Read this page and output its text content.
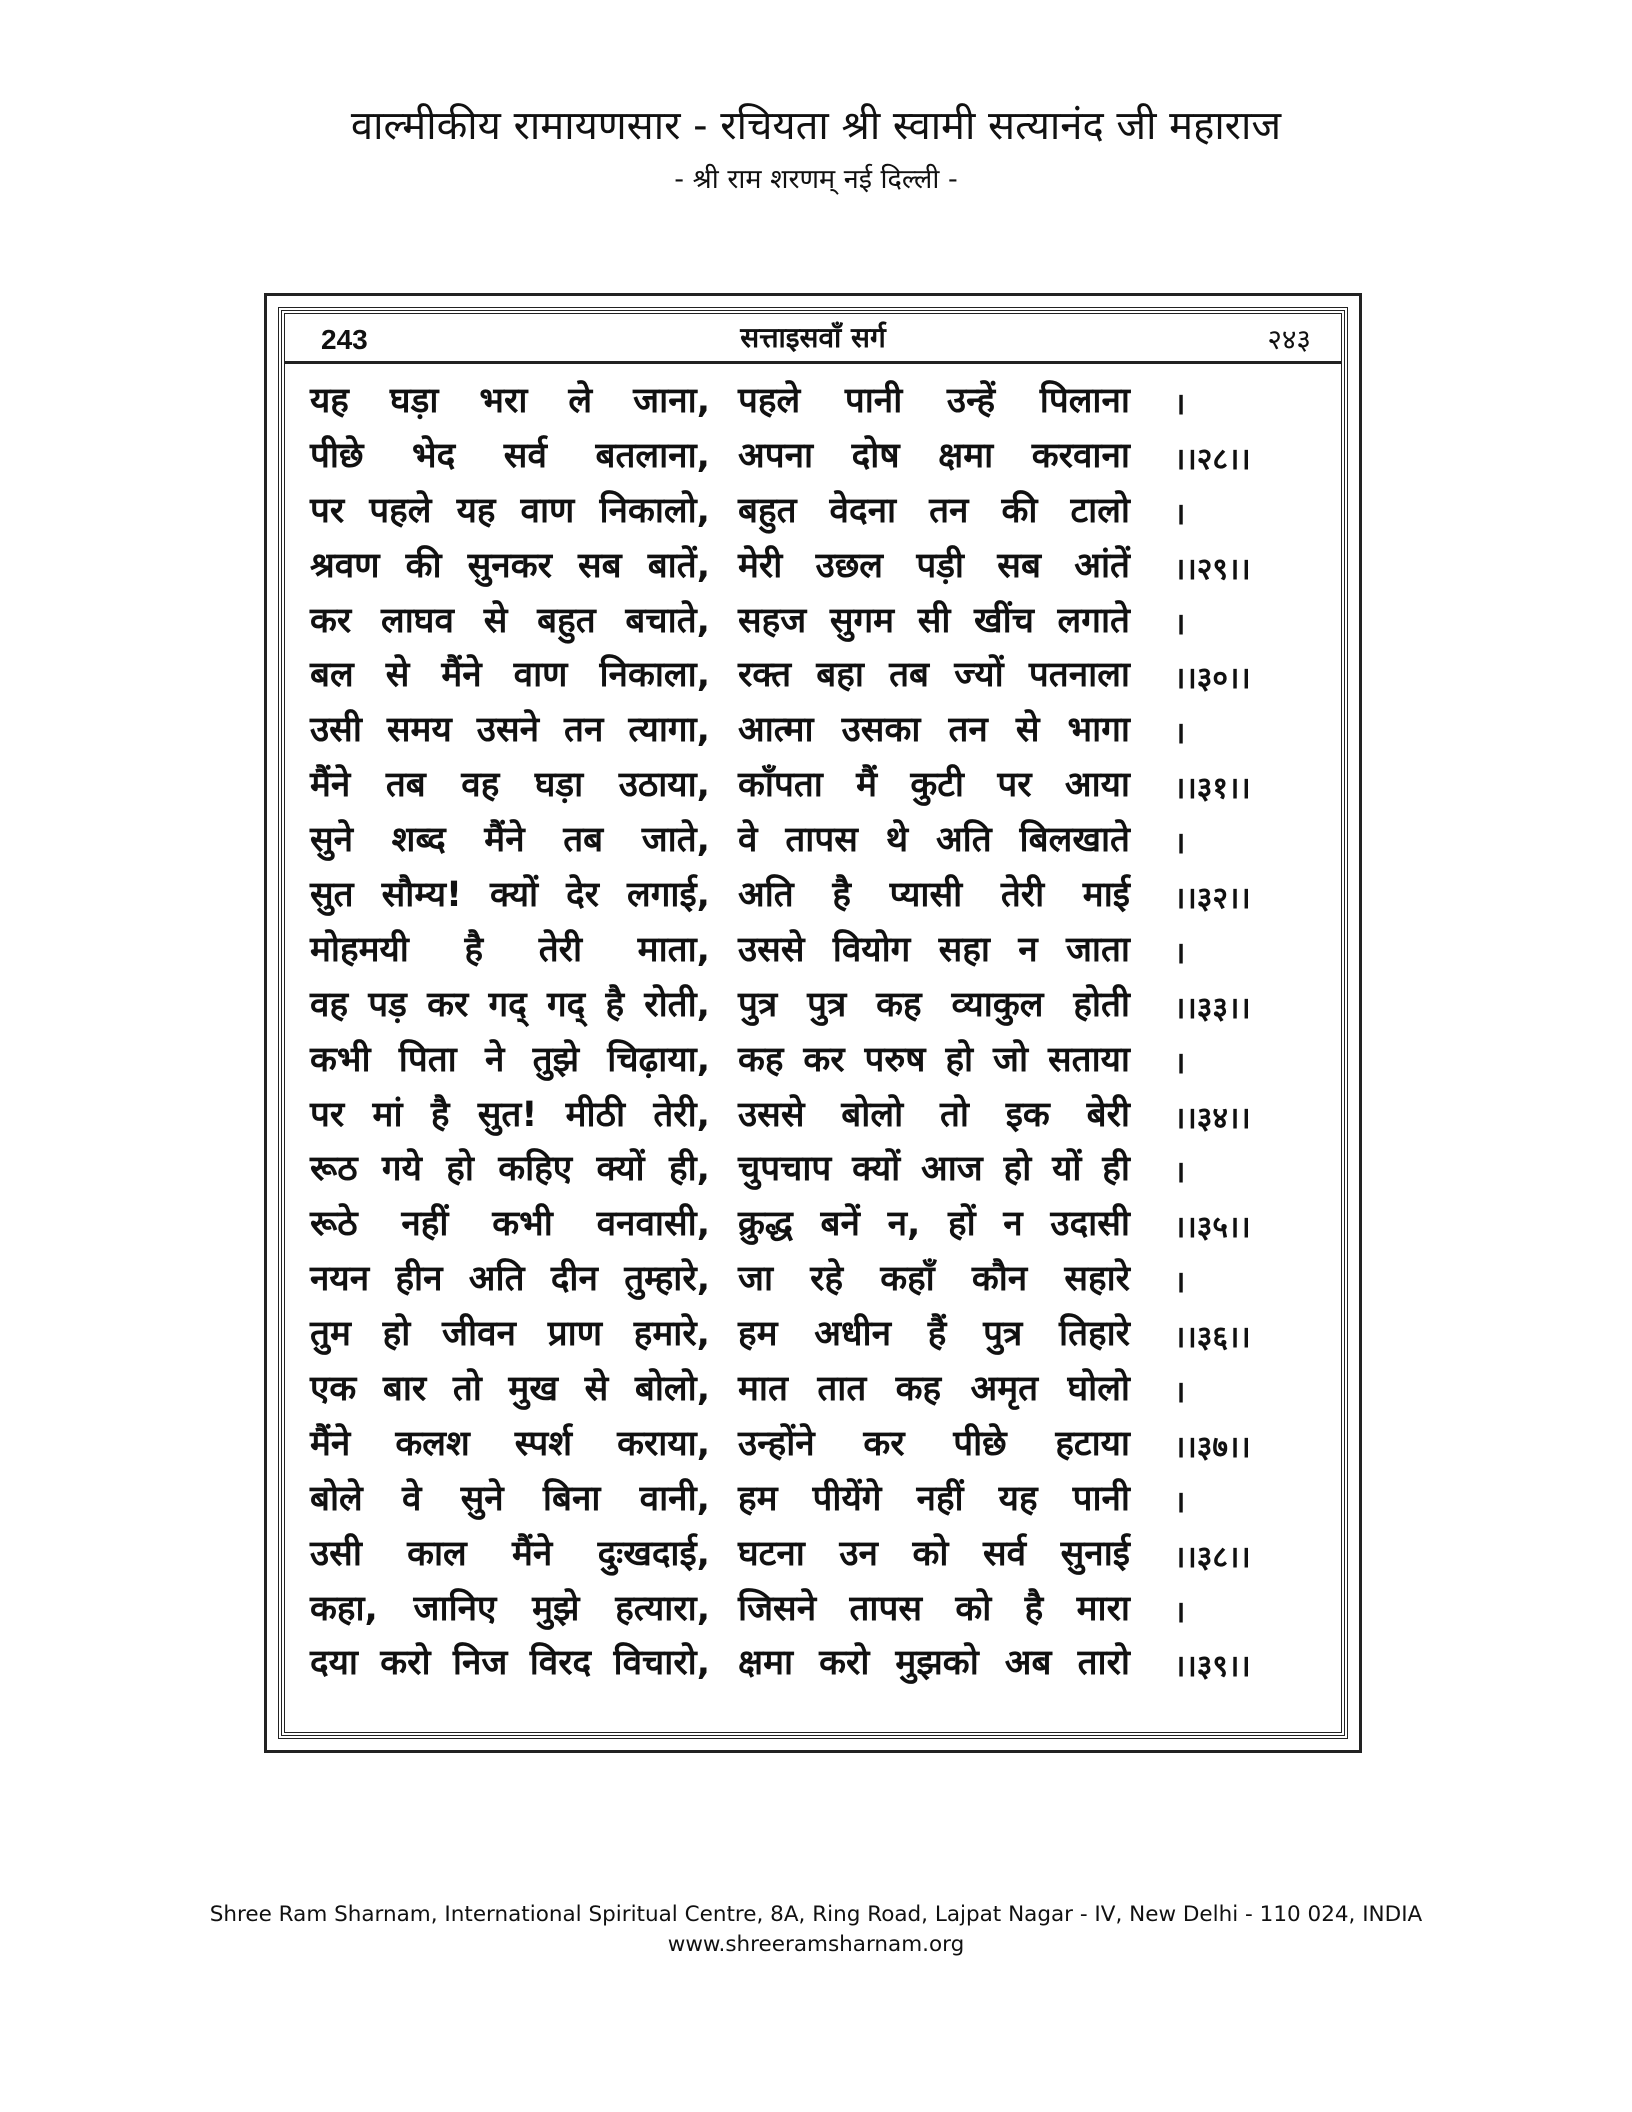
वाल्मीकीय रामायणसार - रचियता श्री स्वामी सत्यानंद जी महाराज
- श्री राम शरणम् नई दिल्ली -
243	सत्ताइसवाँ सर्ग	२४३
यह घड़ा भरा ले जाना, पहले पानी उन्हें पिलाना ।
पीछे भेद सर्व बतलाना, अपना दोष क्षमा करवाना ।।२८।।
पर पहले यह वाण निकालो, बहुत वेदना तन की टालो ।
श्रवण की सुनकर सब बातें, मेरी उछल पड़ी सब आंतें ।।२९।।
कर लाघव से बहुत बचाते, सहज सुगम सी खींच लगाते ।
बल से मैंने वाण निकाला, रक्त बहा तब ज्यों पतनाला ।।३०।।
उसी समय उसने तन त्यागा, आत्मा उसका तन से भागा ।
मैंने तब वह घड़ा उठाया, काँपता मैं कुटी पर आया ।।३१।।
सुने शब्द मैंने तब जाते, वे तापस थे अति बिलखाते ।
सुत सौम्य! क्यों देर लगाई, अति है प्यासी तेरी माई ।।३२।।
मोहमयी है तेरी माता, उससे वियोग सहा न जाता ।
वह पड़ कर गद् गद् है रोती, पुत्र पुत्र कह व्याकुल होती ।।३३।।
कभी पिता ने तुझे चिढ़ाया, कह कर परुष हो जो सताया ।
पर मां है सुत! मीठी तेरी, उससे बोलो तो इक बेरी ।।३४।।
रूठ गये हो कहिए क्यों ही, चुपचाप क्यों आज हो यों ही ।
रूठे नहीं कभी वनवासी, क्रुद्ध बनें न, हों न उदासी ।।३५।।
नयन हीन अति दीन तुम्हारे, जा रहे कहाँ कौन सहारे ।
तुम हो जीवन प्राण हमारे, हम अधीन हैं पुत्र तिहारे ।।३६।।
एक बार तो मुख से बोलो, मात तात कह अमृत घोलो ।
मैंने कलश स्पर्श कराया, उन्होंने कर पीछे हटाया ।।३७।।
बोले वे सुने बिना वानी, हम पीयेंगे नहीं यह पानी ।
उसी काल मैंने दुःखदाई, घटना उन को सर्व सुनाई ।।३८।।
कहा, जानिए मुझे हत्यारा, जिसने तापस को है मारा ।
दया करो निज विरद विचारो, क्षमा करो मुझको अब तारो ।।३९।।
Shree Ram Sharnam, International Spiritual Centre, 8A, Ring Road, Lajpat Nagar - IV, New Delhi - 110 024, INDIA
www.shreeramsharnam.org
